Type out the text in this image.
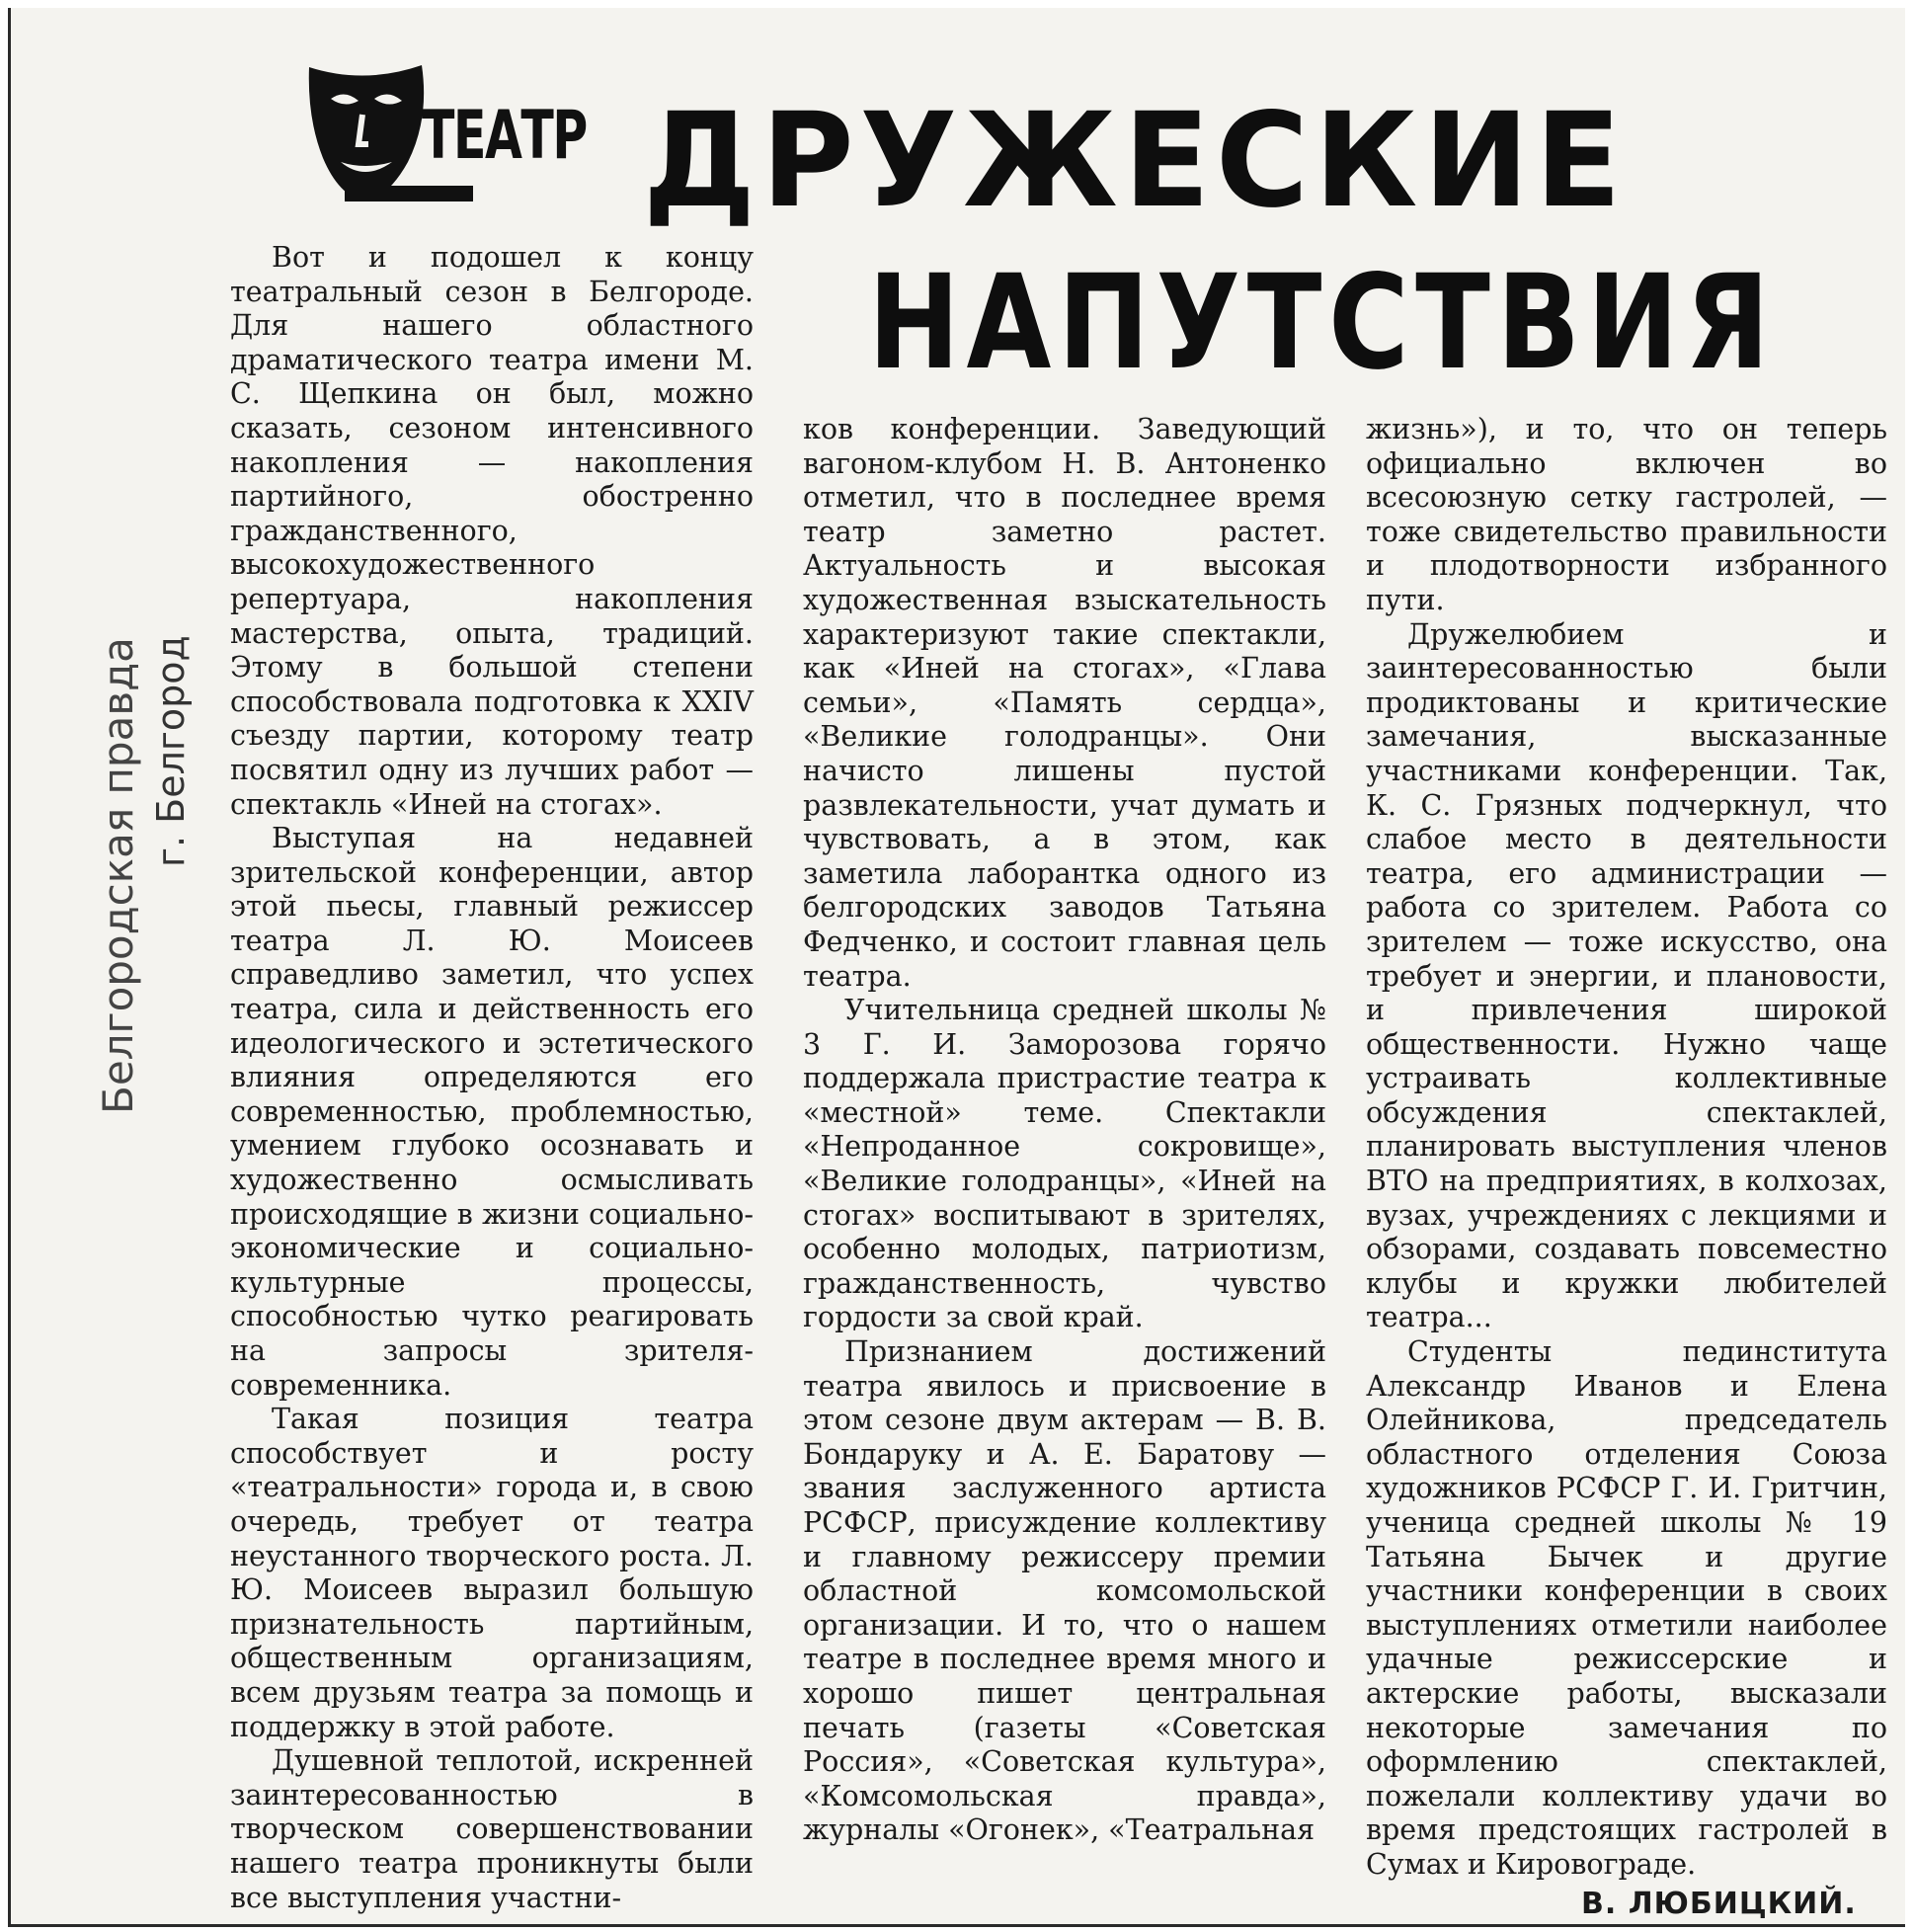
ТЕАТР ДРУЖЕСКИЕ
НАПУТСТВИЯ
Белгородская правда г. Белгород

Вот и подошел к концу театральный сезон в Белгороде. Для нашего областного драматического театра имени М. С. Щепкина он был, можно сказать, сезоном интенсивного накопления — накопления партийного, обостренно гражданственного, высокохудожественного репертуара, накопления мастерства, опыта, традиций. Этому в большой степени способствовала подготовка к XXIV съезду партии, которому театр посвятил одну из лучших работ — спектакль «Иней на стогах».

Выступая на недавней зрительской конференции, автор этой пьесы, главный режиссер театра Л. Ю. Моисеев справедливо заметил, что успех театра, сила и действенность его идеологического и эстетического влияния определяются его современностью, проблемностью, умением глубоко осознавать и художественно осмысливать происходящие в жизни социально-экономические и социально-культурные процессы, способностью чутко реагировать на запросы зрителя-современника.

Такая позиция театра способствует и росту «театральности» города и, в свою очередь, требует от театра неустанного творческого роста. Л. Ю. Моисеев выразил большую признательность партийным, общественным организациям, всем друзьям театра за помощь и поддержку в этой работе.

Душевной теплотой, искренней заинтересованностью в творческом совершенствовании нашего театра проникнуты были все выступления участни-

ков конференции. Заведующий вагоном-клубом Н. В. Антоненко отметил, что в последнее время театр заметно растет. Актуальность и высокая художественная взыскательность характеризуют такие спектакли, как «Иней на стогах», «Глава семьи», «Память сердца», «Великие голодранцы». Они начисто лишены пустой развлекательности, учат думать и чувствовать, а в этом, как заметила лаборантка одного из белгородских заводов Татьяна Федченко, и состоит главная цель театра.

Учительница средней школы № 3 Г. И. Заморозова горячо поддержала пристрастие театра к «местной» теме. Спектакли «Непроданное сокровище», «Великие голодранцы», «Иней на стогах» воспитывают в зрителях, особенно молодых, патриотизм, гражданственность, чувство гордости за свой край.

Признанием достижений театра явилось и присвоение в этом сезоне двум актерам — В. В. Бондаруку и А. Е. Баратову — звания заслуженного артиста РСФСР, присуждение коллективу и главному режиссеру премии областной комсомольской организации. И то, что о нашем театре в последнее время много и хорошо пишет центральная печать (газеты «Советская Россия», «Советская культура», «Комсомольская правда», журналы «Огонек», «Театральная

жизнь»), и то, что он теперь официально включен во всесоюзную сетку гастролей, — тоже свидетельство правильности и плодотворности избранного пути.

Дружелюбием и заинтересованностью были продиктованы и критические замечания, высказанные участниками конференции. Так, К. С. Грязных подчеркнул, что слабое место в деятельности театра, его администрации — работа со зрителем. Работа со зрителем — тоже искусство, она требует и энергии, и плановости, и привлечения широкой общественности. Нужно чаще устраивать коллективные обсуждения спектаклей, планировать выступления членов ВТО на предприятиях, в колхозах, вузах, учреждениях с лекциями и обзорами, создавать повсеместно клубы и кружки любителей театра...

Студенты пединститута Александр Иванов и Елена Олейникова, председатель областного отделения Союза художников РСФСР Г. И. Гритчин, ученица средней школы № 19 Татьяна Бычек и другие участники конференции в своих выступлениях отметили наиболее удачные режиссерские и актерские работы, высказали некоторые замечания по оформлению спектаклей, пожелали коллективу удачи во время предстоящих гастролей в Сумах и Кировограде.

В. ЛЮБИЦКИЙ.
